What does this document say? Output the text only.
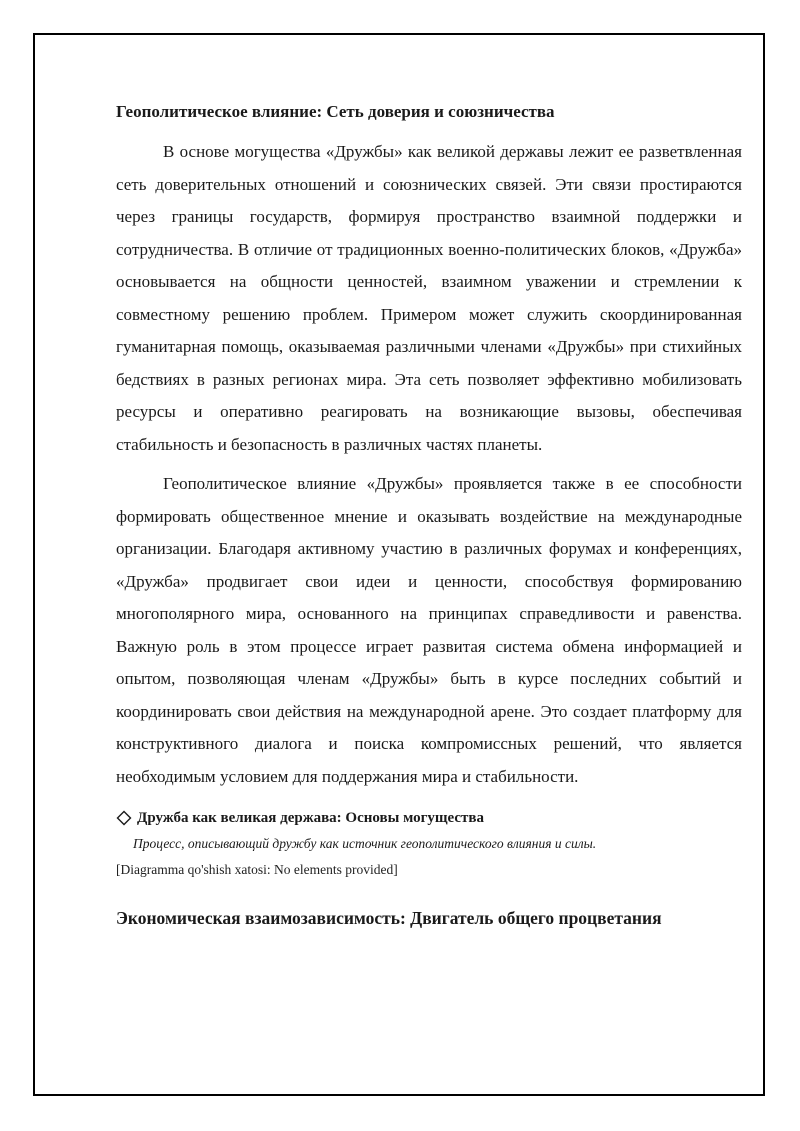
Геополитическое влияние: Сеть доверия и союзничества

В основе могущества «Дружбы» как великой державы лежит ее разветвленная сеть доверительных отношений и союзнических связей. Эти связи простираются через границы государств, формируя пространство взаимной поддержки и сотрудничества. В отличие от традиционных военно-политических блоков, «Дружба» основывается на общности ценностей, взаимном уважении и стремлении к совместному решению проблем. Примером может служить скоординированная гуманитарная помощь, оказываемая различными членами «Дружбы» при стихийных бедствиях в разных регионах мира. Эта сеть позволяет эффективно мобилизовать ресурсы и оперативно реагировать на возникающие вызовы, обеспечивая стабильность и безопасность в различных частях планеты.

Геополитическое влияние «Дружбы» проявляется также в ее способности формировать общественное мнение и оказывать воздействие на международные организации. Благодаря активному участию в различных форумах и конференциях, «Дружба» продвигает свои идеи и ценности, способствуя формированию многополярного мира, основанного на принципах справедливости и равенства. Важную роль в этом процессе играет развитая система обмена информацией и опытом, позволяющая членам «Дружбы» быть в курсе последних событий и координировать свои действия на международной арене. Это создает платформу для конструктивного диалога и поиска компромиссных решений, что является необходимым условием для поддержания мира и стабильности.

Дружба как великая держава: Основы могущества
Процесс, описывающий дружбу как источник геополитического влияния и силы.
[Diagramma qo'shish xatosi: No elements provided]
Экономическая взаимозависимость: Двигатель общего процветания
